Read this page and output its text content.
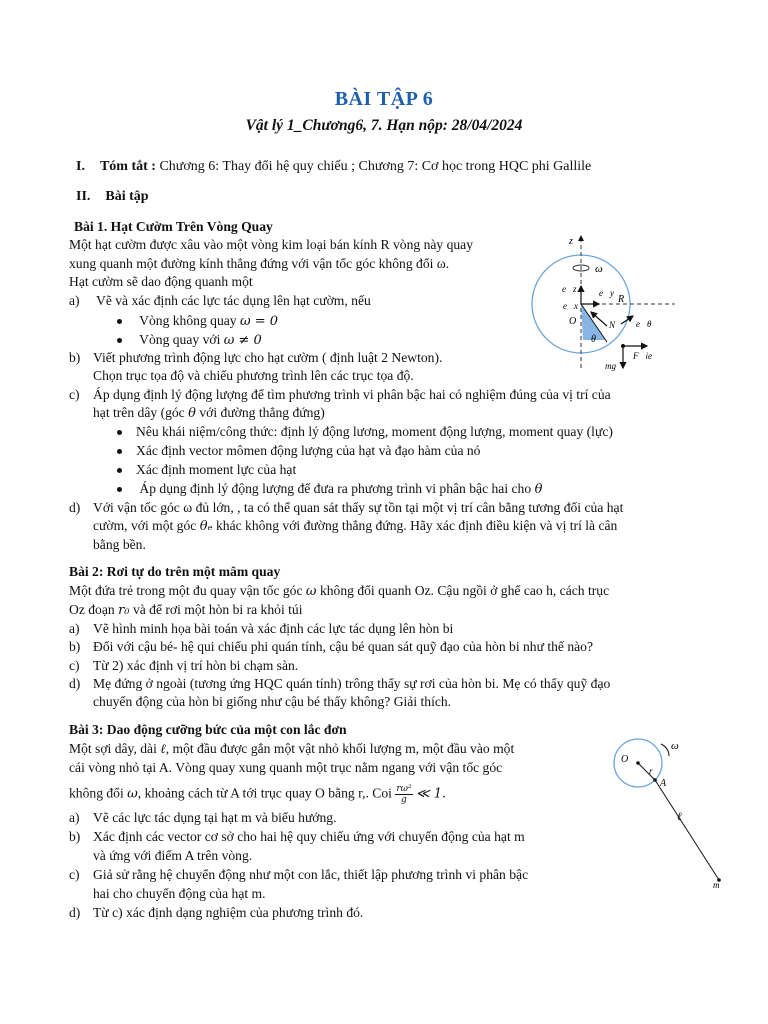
BÀI TẬP 6
Vật lý 1_Chương6, 7. Hạn nộp: 28/04/2024
I. Tóm tắt : Chương 6: Thay đổi hệ quy chiếu ; Chương 7: Cơ học trong HQC phi Gallile
II. Bài tập
Bài 1. Hạt Cườm Trên Vòng Quay
Một hạt cườm được xâu vào một vòng kim loại bán kính R vòng này quay
xung quanh một đường kính thẳng đứng với vận tốc góc không đổi ω.
Hạt cườm sẽ dao động quanh một
a) Vẽ và xác định các lực tác dụng lên hạt cườm, nếu
Vòng không quay ω = 0
Vòng quay với ω ≠ 0
b) Viết phương trình động lực cho hạt cườm ( định luật 2 Newton).
Chọn trục tọa độ và chiếu phương trình lên các trục tọa độ.
c) Áp dụng định lý động lượng để tìm phương trình vi phân bậc hai có nghiệm đúng của vị trí của
hạt trên dây (góc θ với đường thẳng đứng)
Nêu khái niệm/công thức: định lý động lương, moment động lượng, moment quay (lực)
Xác định vector mômen động lượng của hạt và đạo hàm của nó
Xác định moment lực của hạt
Áp dụng định lý động lượng để đưa ra phương trình vi phân bậc hai cho θ
d) Với vận tốc góc ω đủ lớn, , ta có thể quan sát thấy sự tồn tại một vị trí cân bằng tương đối của hạt
cườm, với một góc θₑ khác không với đường thẳng đứng. Hãy xác định điều kiện và vị trí là cân
bằng bền.
z
ω
e⃗z	e⃗y
R
e⃗x
O	N⃗ e⃗θ
θ
F⃗ie
mg⃗
Bài 2: Rơi tự do trên một mâm quay
Một đứa trẻ trong một đu quay vận tốc góc ω không đổi quanh Oz. Cậu ngồi ở ghế cao h, cách trục
Oz đoạn r₀ và để rơi một hòn bi ra khỏi túi
a) Vẽ hình minh họa bài toán và xác định các lực tác dụng lên hòn bi
b) Đối với cậu bé- hệ qui chiếu phi quán tính, cậu bé quan sát quỹ đạo của hòn bi như thế nào?
c) Từ 2) xác định vị trí hòn bi chạm sàn.
d) Mẹ đứng ở ngoài (tương ứng HQC quán tính) trông thấy sự rơi của hòn bi. Mẹ có thấy quỹ đạo
chuyển động của hòn bi giống như cậu bé thấy không? Giải thích.
Bài 3: Dao động cưỡng bức của một con lắc đơn
Một sợi dây, dài ℓ, một đầu được gắn một vật nhỏ khối lượng m, một đầu vào một
cái vòng nhỏ tại A. Vòng quay xung quanh một trục nằm ngang với vận tốc góc
không đổi ω, khoảng cách từ A tới trục quay O bằng r,. Coi $\frac{\text{rω²}}{g}$ ≪ 1.
a) Vẽ các lực tác dụng tại hạt m và biểu hướng.
b) Xác định các vector cơ sở cho hai hệ quy chiếu ứng với chuyển động của hạt m
và ứng với điểm A trên vòng.
c) Giả sử rằng hệ chuyển động như một con lắc, thiết lập phương trình vi phân bậc
hai cho chuyển động của hạt m.
d) Từ c) xác định dạng nghiệm của phương trình đó.
O
r
A
ω
ℓ
m
